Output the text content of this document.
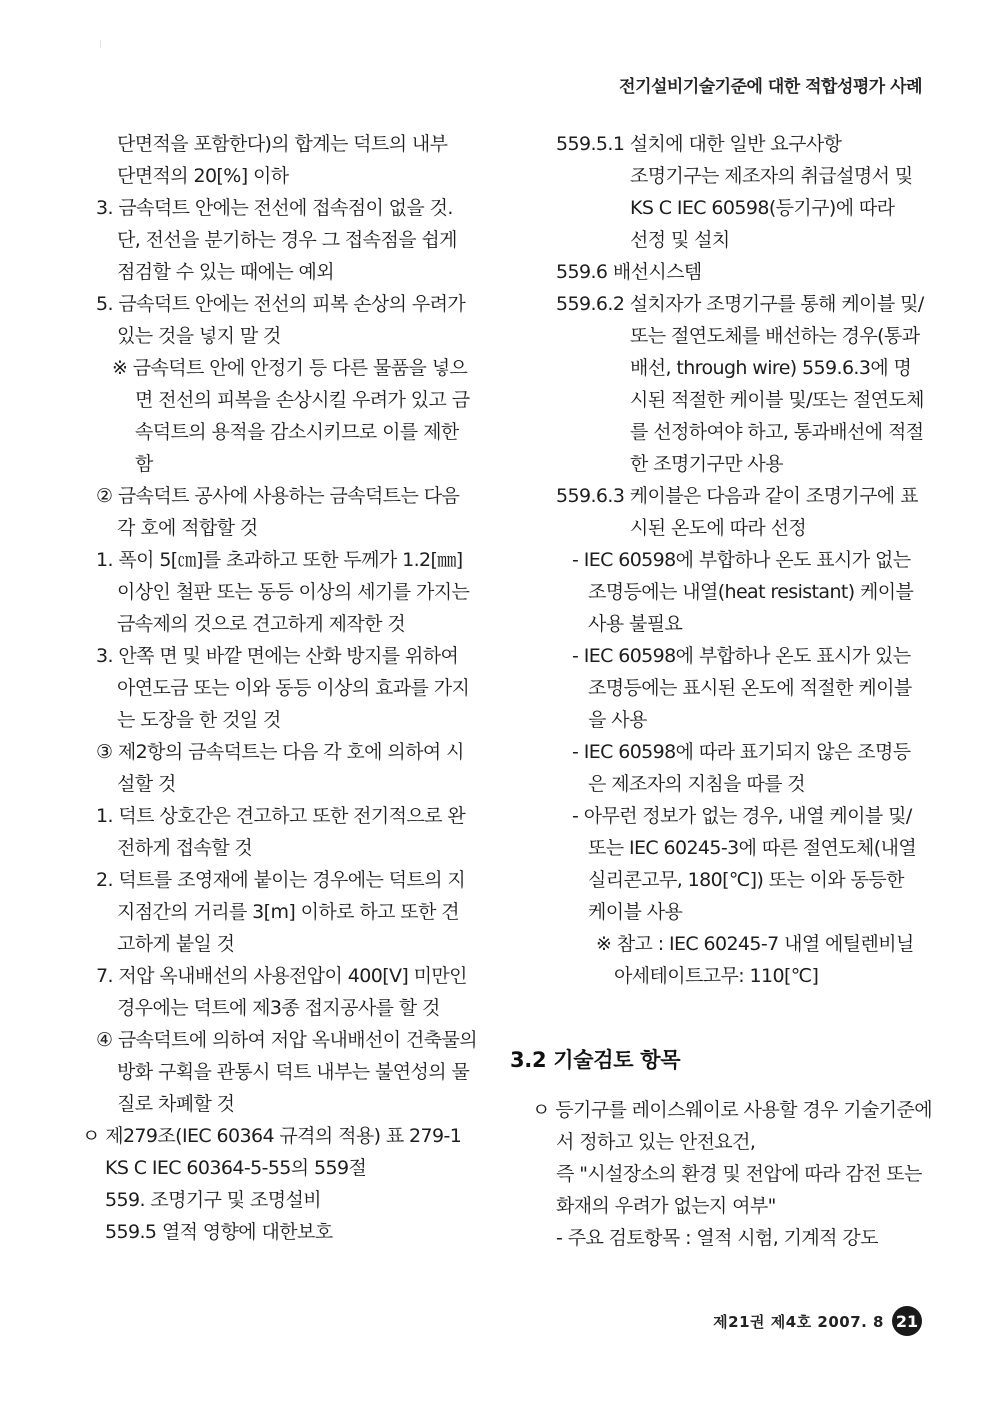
전기설비기술기준에 대한 적합성평가 사례
단면적을 포함한다)의 합계는 덕트의 내부
단면적의 20[%] 이하
3. 금속덕트 안에는 전선에 접속점이 없을 것.
단, 전선을 분기하는 경우 그 접속점을 쉽게
점검할 수 있는 때에는 예외
5. 금속덕트 안에는 전선의 피복 손상의 우려가
있는 것을 넣지 말 것
※ 금속덕트 안에 안정기 등 다른 물품을 넣으
면 전선의 피복을 손상시킬 우려가 있고 금
속덕트의 용적을 감소시키므로 이를 제한
함
② 금속덕트 공사에 사용하는 금속덕트는 다음
각 호에 적합할 것
1. 폭이 5[㎝]를 초과하고 또한 두께가 1.2[㎜]
이상인 철판 또는 동등 이상의 세기를 가지는
금속제의 것으로 견고하게 제작한 것
3. 안쪽 면 및 바깥 면에는 산화 방지를 위하여
아연도금 또는 이와 동등 이상의 효과를 가지
는 도장을 한 것일 것
③ 제2항의 금속덕트는 다음 각 호에 의하여 시
설할 것
1. 덕트 상호간은 견고하고 또한 전기적으로 완
전하게 접속할 것
2. 덕트를 조영재에 붙이는 경우에는 덕트의 지
지점간의 거리를 3[m] 이하로 하고 또한 견
고하게 붙일 것
7. 저압 옥내배선의 사용전압이 400[V] 미만인
경우에는 덕트에 제3종 접지공사를 할 것
④ 금속덕트에 의하여 저압 옥내배선이 건축물의
방화 구획을 관통시 덕트 내부는 불연성의 물
질로 차폐할 것
ㅇ 제279조(IEC 60364 규격의 적용) 표 279-1
KS C IEC 60364-5-55의 559절
559. 조명기구 및 조명설비
559.5 열적 영향에 대한보호
559.5.1 설치에 대한 일반 요구사항
조명기구는 제조자의 취급설명서 및
KS C IEC 60598(등기구)에 따라
선정 및 설치
559.6 배선시스템
559.6.2 설치자가 조명기구를 통해 케이블 및/
또는 절연도체를 배선하는 경우(통과
배선, through wire) 559.6.3에 명
시된 적절한 케이블 및/또는 절연도체
를 선정하여야 하고, 통과배선에 적절
한 조명기구만 사용
559.6.3 케이블은 다음과 같이 조명기구에 표
시된 온도에 따라 선정
- IEC 60598에 부합하나 온도 표시가 없는
조명등에는 내열(heat resistant) 케이블
사용 불필요
- IEC 60598에 부합하나 온도 표시가 있는
조명등에는 표시된 온도에 적절한 케이블
을 사용
- IEC 60598에 따라 표기되지 않은 조명등
은 제조자의 지침을 따를 것
- 아무런 정보가 없는 경우, 내열 케이블 및/
또는 IEC 60245-3에 따른 절연도체(내열
실리콘고무, 180[℃]) 또는 이와 동등한
케이블 사용
※ 참고 : IEC 60245-7 내열 에틸렌비닐
아세테이트고무: 110[℃]
3.2 기술검토 항목
ㅇ 등기구를 레이스웨이로 사용할 경우 기술기준에
서 정하고 있는 안전요건,
즉 "시설장소의 환경 및 전압에 따라 감전 또는
화재의 우려가 없는지 여부"
- 주요 검토항목 : 열적 시험, 기계적 강도
제21권 제4호 2007. 8 21
